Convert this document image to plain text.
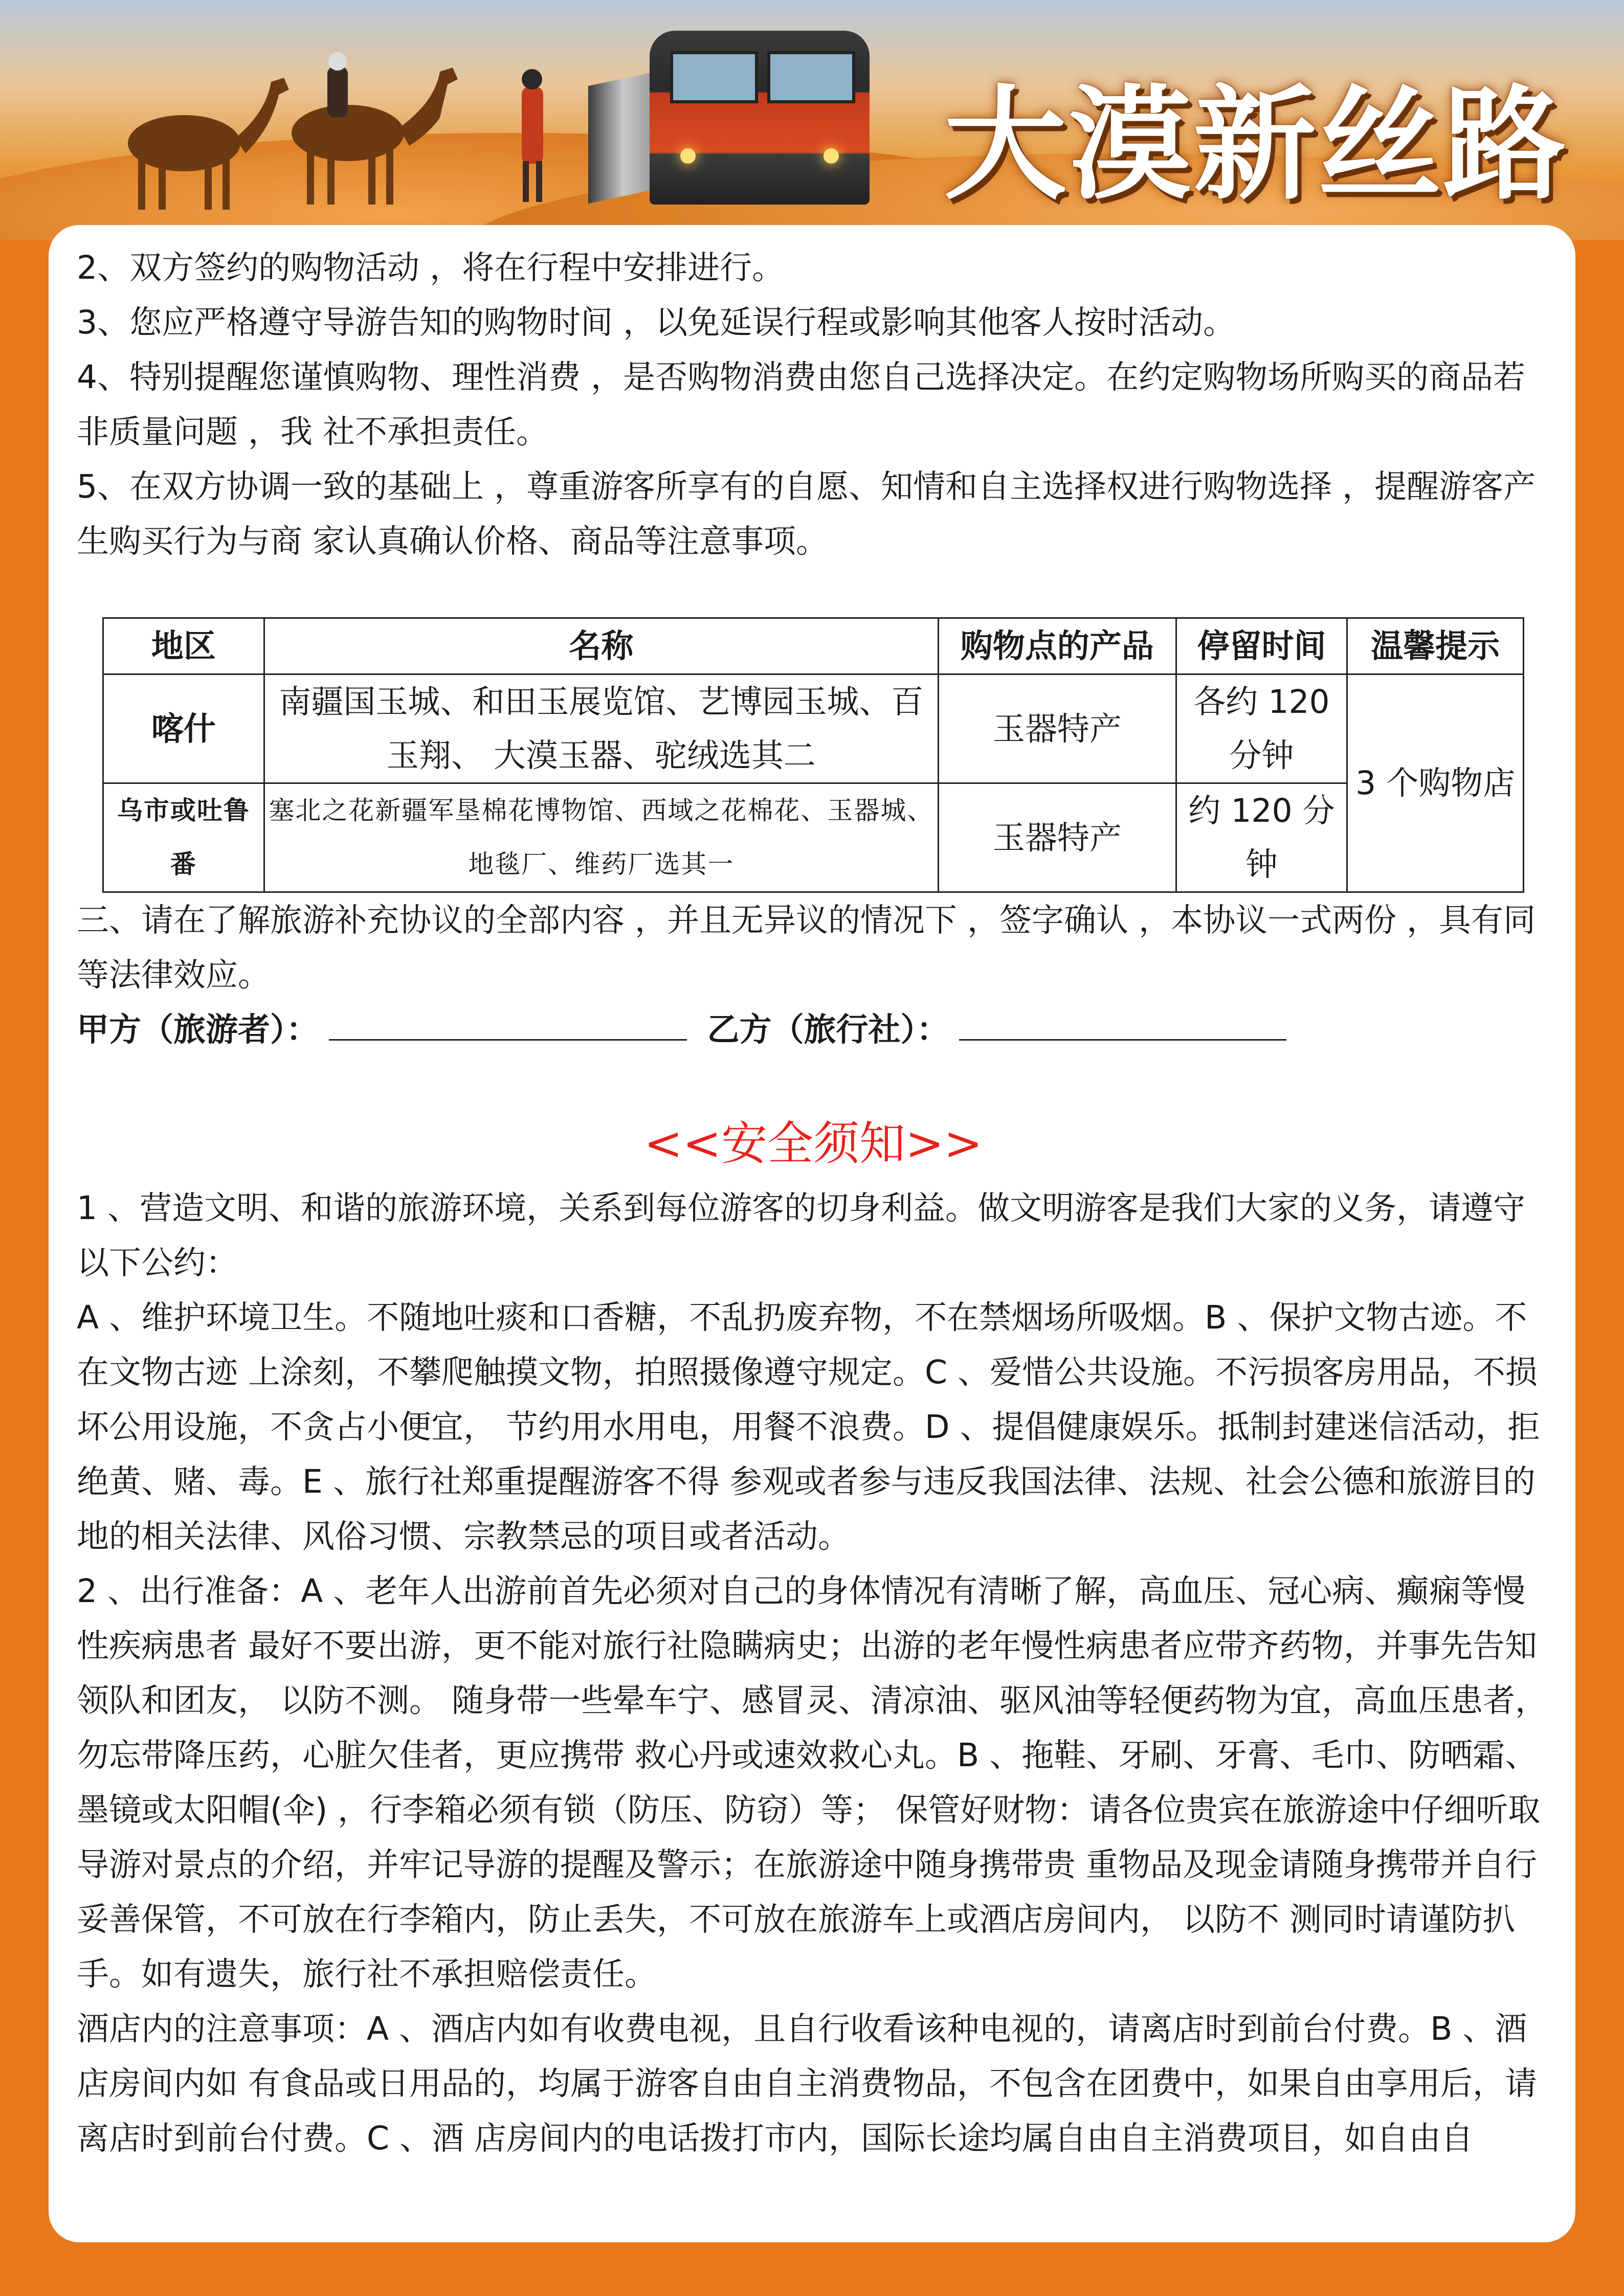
大漠新丝路

2、双方签约的购物活动 ，将在行程中安排进行。

3、您应严格遵守导游告知的购物时间 ，以免延误行程或影响其他客人按时活动。

4、特别提醒您谨慎购物、理性消费 ，是否购物消费由您自己选择决定。在约定购物场所购买的商品若非质量问题 ，我 社不承担责任。

5、在双方协调一致的基础上 ，尊重游客所享有的自愿、知情和自主选择权进行购物选择 ，提醒游客产生购买行为与商 家认真确认价格、商品等注意事项。

地区	名称	购物点的产品	停留时间	温馨提示
喀什	南疆国玉城、和田玉展览馆、艺博园玉城、百玉翔、 大漠玉器、驼绒选其二	玉器特产	各约 120 分钟	3 个购物店
乌市或吐鲁番	塞北之花新疆军垦棉花博物馆、西域之花棉花、玉器城、地毯厂、维药厂选其一	玉器特产	约 120 分钟	

三、请在了解旅游补充协议的全部内容 ，并且无异议的情况下 ，签字确认 ，本协议一式两份 ，具有同等法律效应。

甲方（旅游者）：	乙方（旅行社）：

<<安全须知>>

1 、营造文明、和谐的旅游环境，关系到每位游客的切身利益。做文明游客是我们大家的义务，请遵守以下公约：

A 、维护环境卫生。不随地吐痰和口香糖，不乱扔废弃物，不在禁烟场所吸烟。B 、保护文物古迹。不在文物古迹 上涂刻，不攀爬触摸文物，拍照摄像遵守规定。C 、爱惜公共设施。不污损客房用品，不损坏公用设施，不贪占小便宜， 节约用水用电，用餐不浪费。D 、提倡健康娱乐。抵制封建迷信活动，拒绝黄、赌、毒。E 、旅行社郑重提醒游客不得 参观或者参与违反我国法律、法规、社会公德和旅游目的地的相关法律、风俗习惯、宗教禁忌的项目或者活动。

2 、出行准备：A 、老年人出游前首先必须对自己的身体情况有清晰了解，高血压、冠心病、癫痫等慢性疾病患者 最好不要出游，更不能对旅行社隐瞒病史；出游的老年慢性病患者应带齐药物，并事先告知领队和团友， 以防不测。 随身带一些晕车宁、感冒灵、清凉油、驱风油等轻便药物为宜，高血压患者，勿忘带降压药，心脏欠佳者，更应携带 救心丹或速效救心丸。B 、拖鞋、牙刷、牙膏、毛巾、防晒霜、墨镜或太阳帽(伞) ，行李箱必须有锁（防压、防窃）等； 保管好财物：请各位贵宾在旅游途中仔细听取导游对景点的介绍，并牢记导游的提醒及警示；在旅游途中随身携带贵 重物品及现金请随身携带并自行妥善保管，不可放在行李箱内，防止丢失，不可放在旅游车上或酒店房间内， 以防不 测同时请谨防扒手。如有遗失，旅行社不承担赔偿责任。

酒店内的注意事项：A 、酒店内如有收费电视，且自行收看该种电视的，请离店时到前台付费。B 、酒店房间内如 有食品或日用品的，均属于游客自由自主消费物品，不包含在团费中，如果自由享用后，请离店时到前台付费。C 、酒 店房间内的电话拨打市内，国际长途均属自由自主消费项目，如自由自
